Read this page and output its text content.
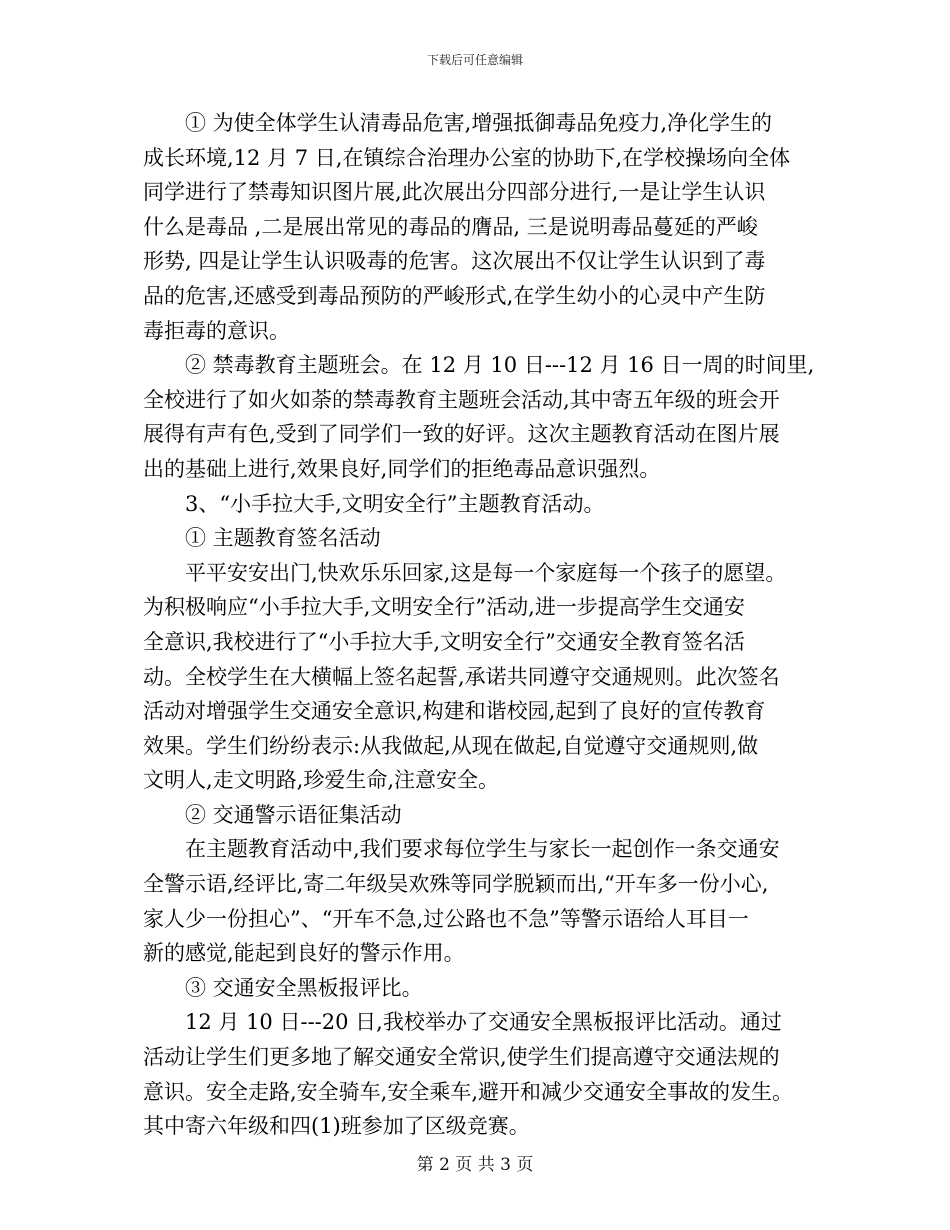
下载后可任意编辑
① 为使全体学生认清毒品危害,增强抵御毒品免疫力,净化学生的
成长环境,12 月 7 日,在镇综合治理办公室的协助下,在学校操场向全体
同学进行了禁毒知识图片展,此次展出分四部分进行,一是让学生认识
什么是毒品 ,二是展出常见的毒品的膺品, 三是说明毒品蔓延的严峻
形势, 四是让学生认识吸毒的危害。这次展出不仅让学生认识到了毒
品的危害,还感受到毒品预防的严峻形式,在学生幼小的心灵中产生防
毒拒毒的意识。
② 禁毒教育主题班会。在 12 月 10 日---12 月 16 日一周的时间里,
全校进行了如火如荼的禁毒教育主题班会活动,其中寄五年级的班会开
展得有声有色,受到了同学们一致的好评。这次主题教育活动在图片展
出的基础上进行,效果良好,同学们的拒绝毒品意识强烈。
3、“小手拉大手,文明安全行”主题教育活动。
① 主题教育签名活动
平平安安出门,快欢乐乐回家,这是每一个家庭每一个孩子的愿望。
为积极响应“小手拉大手,文明安全行”活动,进一步提高学生交通安
全意识,我校进行了“小手拉大手,文明安全行”交通安全教育签名活
动。全校学生在大横幅上签名起誓,承诺共同遵守交通规则。此次签名
活动对增强学生交通安全意识,构建和谐校园,起到了良好的宣传教育
效果。学生们纷纷表示:从我做起,从现在做起,自觉遵守交通规则,做
文明人,走文明路,珍爱生命,注意安全。
② 交通警示语征集活动
在主题教育活动中,我们要求每位学生与家长一起创作一条交通安
全警示语,经评比,寄二年级吴欢殊等同学脱颖而出,“开车多一份小心,
家人少一份担心”、“开车不急,过公路也不急”等警示语给人耳目一
新的感觉,能起到良好的警示作用。
③ 交通安全黑板报评比。
12 月 10 日---20 日,我校举办了交通安全黑板报评比活动。通过
活动让学生们更多地了解交通安全常识,使学生们提高遵守交通法规的
意识。安全走路,安全骑车,安全乘车,避开和减少交通安全事故的发生。
其中寄六年级和四(1)班参加了区级竞赛。
第 2 页 共 3 页
